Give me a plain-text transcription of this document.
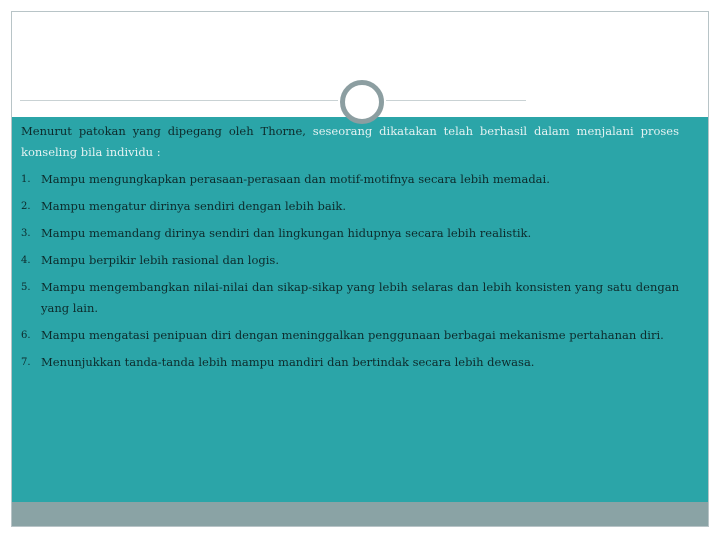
Menurut patokan yang dipegang oleh Thorne, seseorang dikatakan telah berhasil dalam menjalani proses konseling bila individu :

1. Mampu mengungkapkan perasaan-perasaan dan motif-motifnya secara lebih memadai.
2. Mampu mengatur dirinya sendiri dengan lebih baik.
3. Mampu memandang dirinya sendiri dan lingkungan hidupnya secara lebih realistik.
4. Mampu berpikir lebih rasional dan logis.
5. Mampu mengembangkan nilai-nilai dan sikap-sikap yang lebih selaras dan lebih konsisten yang satu dengan yang lain.
6. Mampu mengatasi penipuan diri dengan meninggalkan penggunaan berbagai mekanisme pertahanan diri.
7. Menunjukkan tanda-tanda lebih mampu mandiri dan bertindak secara lebih dewasa.
